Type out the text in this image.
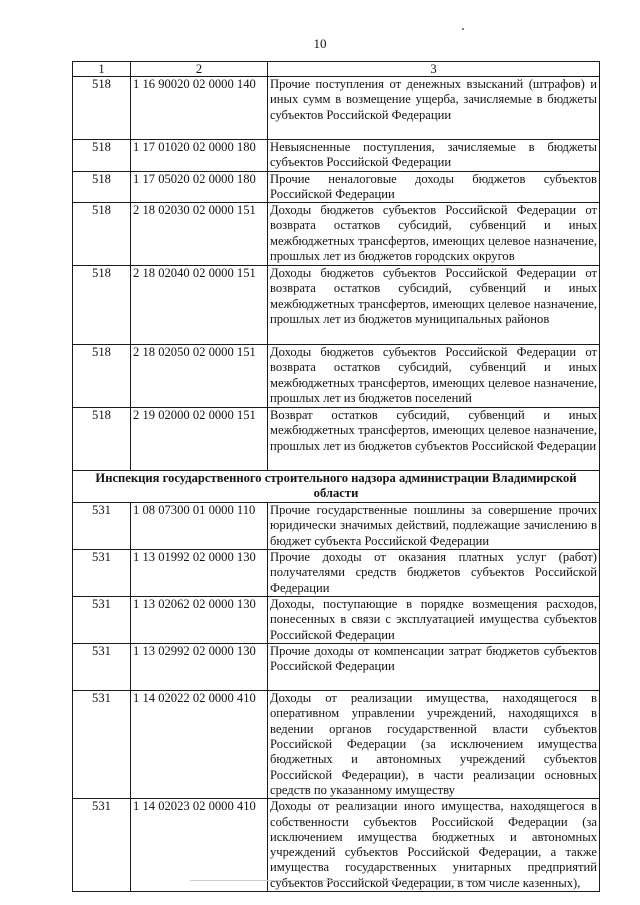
10
1	2	3
518	1 16 90020 02 0000 140	Прочие поступления от денежных взысканий (штрафов) и иных сумм в возмещение ущерба, зачисляемые в бюджеты субъектов Российской Федерации
518	1 17 01020 02 0000 180	Невыясненные поступления, зачисляемые в бюджеты субъектов Российской Федерации
518	1 17 05020 02 0000 180	Прочие неналоговые доходы бюджетов субъектов Российской Федерации
518	2 18 02030 02 0000 151	Доходы бюджетов субъектов Российской Федерации от возврата остатков субсидий, субвенций и иных межбюджетных трансфертов, имеющих целевое назначение, прошлых лет из бюджетов городских округов
518	2 18 02040 02 0000 151	Доходы бюджетов субъектов Российской Федерации от возврата остатков субсидий, субвенций и иных межбюджетных трансфертов, имеющих целевое назначение, прошлых лет из бюджетов муниципальных районов
518	2 18 02050 02 0000 151	Доходы бюджетов субъектов Российской Федерации от возврата остатков субсидий, субвенций и иных межбюджетных трансфертов, имеющих целевое назначение, прошлых лет из бюджетов поселений
518	2 19 02000 02 0000 151	Возврат остатков субсидий, субвенций и иных межбюджетных трансфертов, имеющих целевое назначение, прошлых лет из бюджетов субъектов Российской Федерации
Инспекция государственного строительного надзора администрации Владимирской области		
531	1 08 07300 01 0000 110	Прочие государственные пошлины за совершение прочих юридически значимых действий, подлежащие зачислению в бюджет субъекта Российской Федерации
531	1 13 01992 02 0000 130	Прочие доходы от оказания платных услуг (работ) получателями средств бюджетов субъектов Российской Федерации
531	1 13 02062 02 0000 130	Доходы, поступающие в порядке возмещения расходов, понесенных в связи с эксплуатацией имущества субъектов Российской Федерации
531	1 13 02992 02 0000 130	Прочие доходы от компенсации затрат бюджетов субъектов Российской Федерации
531	1 14 02022 02 0000 410	Доходы от реализации имущества, находящегося в оперативном управлении учреждений, находящихся в ведении органов государственной власти субъектов Российской Федерации (за исключением имущества бюджетных и автономных учреждений субъектов Российской Федерации), в части реализации основных средств по указанному имуществу
531	1 14 02023 02 0000 410	Доходы от реализации иного имущества, находящегося в собственности субъектов Российской Федерации (за исключением имущества бюджетных и автономных учреждений субъектов Российской Федерации, а также имущества государственных унитарных предприятий субъектов Российской Федерации, в том числе казенных),
